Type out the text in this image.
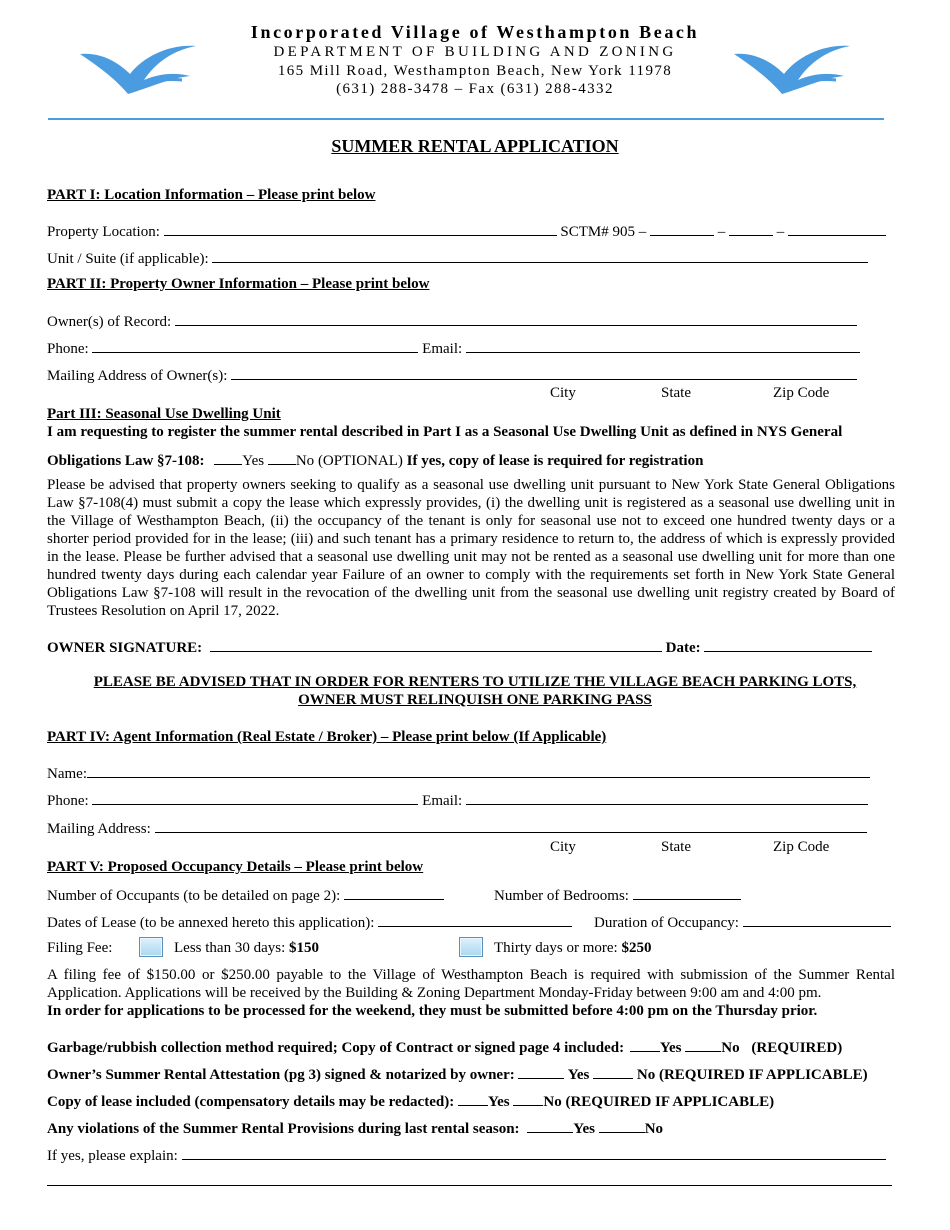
Incorporated Village of Westhampton Beach
DEPARTMENT OF BUILDING AND ZONING
165 Mill Road, Westhampton Beach, New York 11978
(631) 288-3478 – Fax (631) 288-4332
SUMMER RENTAL APPLICATION
PART I: Location Information – Please print below
Property Location:	SCTM# 905 –	–	–
Unit / Suite (if applicable):
PART II: Property Owner Information – Please print below
Owner(s) of Record:
Phone:	Email:
Mailing Address of Owner(s):
City	State	Zip Code
Part III: Seasonal Use Dwelling Unit
I am requesting to register the summer rental described in Part I as a Seasonal Use Dwelling Unit as defined in NYS General
Obligations Law §7-108:	Yes No (OPTIONAL) If yes, copy of lease is required for registration
Please be advised that property owners seeking to qualify as a seasonal use dwelling unit pursuant to New York State General Obligations Law §7-108(4) must submit a copy the lease which expressly provides, (i) the dwelling unit is registered as a seasonal use dwelling unit in the Village of Westhampton Beach, (ii) the occupancy of the tenant is only for seasonal use not to exceed one hundred twenty days or a shorter period provided for in the lease; (iii) and such tenant has a primary residence to return to, the address of which is expressly provided in the lease. Please be further advised that a seasonal use dwelling unit may not be rented as a seasonal use dwelling unit for more than one hundred twenty days during each calendar year Failure of an owner to comply with the requirements set forth in New York State General Obligations Law §7-108 will result in the revocation of the dwelling unit from the seasonal use dwelling unit registry created by Board of Trustees Resolution on April 17, 2022.
OWNER SIGNATURE:	Date:
PLEASE BE ADVISED THAT IN ORDER FOR RENTERS TO UTILIZE THE VILLAGE BEACH PARKING LOTS,
OWNER MUST RELINQUISH ONE PARKING PASS
PART IV: Agent Information (Real Estate / Broker) – Please print below (If Applicable)
Name:
Phone:	Email:
Mailing Address:
City	State	Zip Code
PART V: Proposed Occupancy Details – Please print below
Number of Occupants (to be detailed on page 2):	Number of Bedrooms:
Dates of Lease (to be annexed hereto this application):	Duration of Occupancy:
Filing Fee:	Less than 30 days: $150	Thirty days or more: $250
A filing fee of $150.00 or $250.00 payable to the Village of Westhampton Beach is required with submission of the Summer Rental Application. Applications will be received by the Building & Zoning Department Monday-Friday between 9:00 am and 4:00 pm.
In order for applications to be processed for the weekend, they must be submitted before 4:00 pm on the Thursday prior.
Garbage/rubbish collection method required; Copy of Contract or signed page 4 included: Yes	No (REQUIRED)
Owner’s Summer Rental Attestation (pg 3) signed & notarized by owner:	Yes	No (REQUIRED IF APPLICABLE)
Copy of lease included (compensatory details may be redacted): Yes No (REQUIRED IF APPLICABLE)
Any violations of the Summer Rental Provisions during last rental season:	Yes	No
If yes, please explain:
